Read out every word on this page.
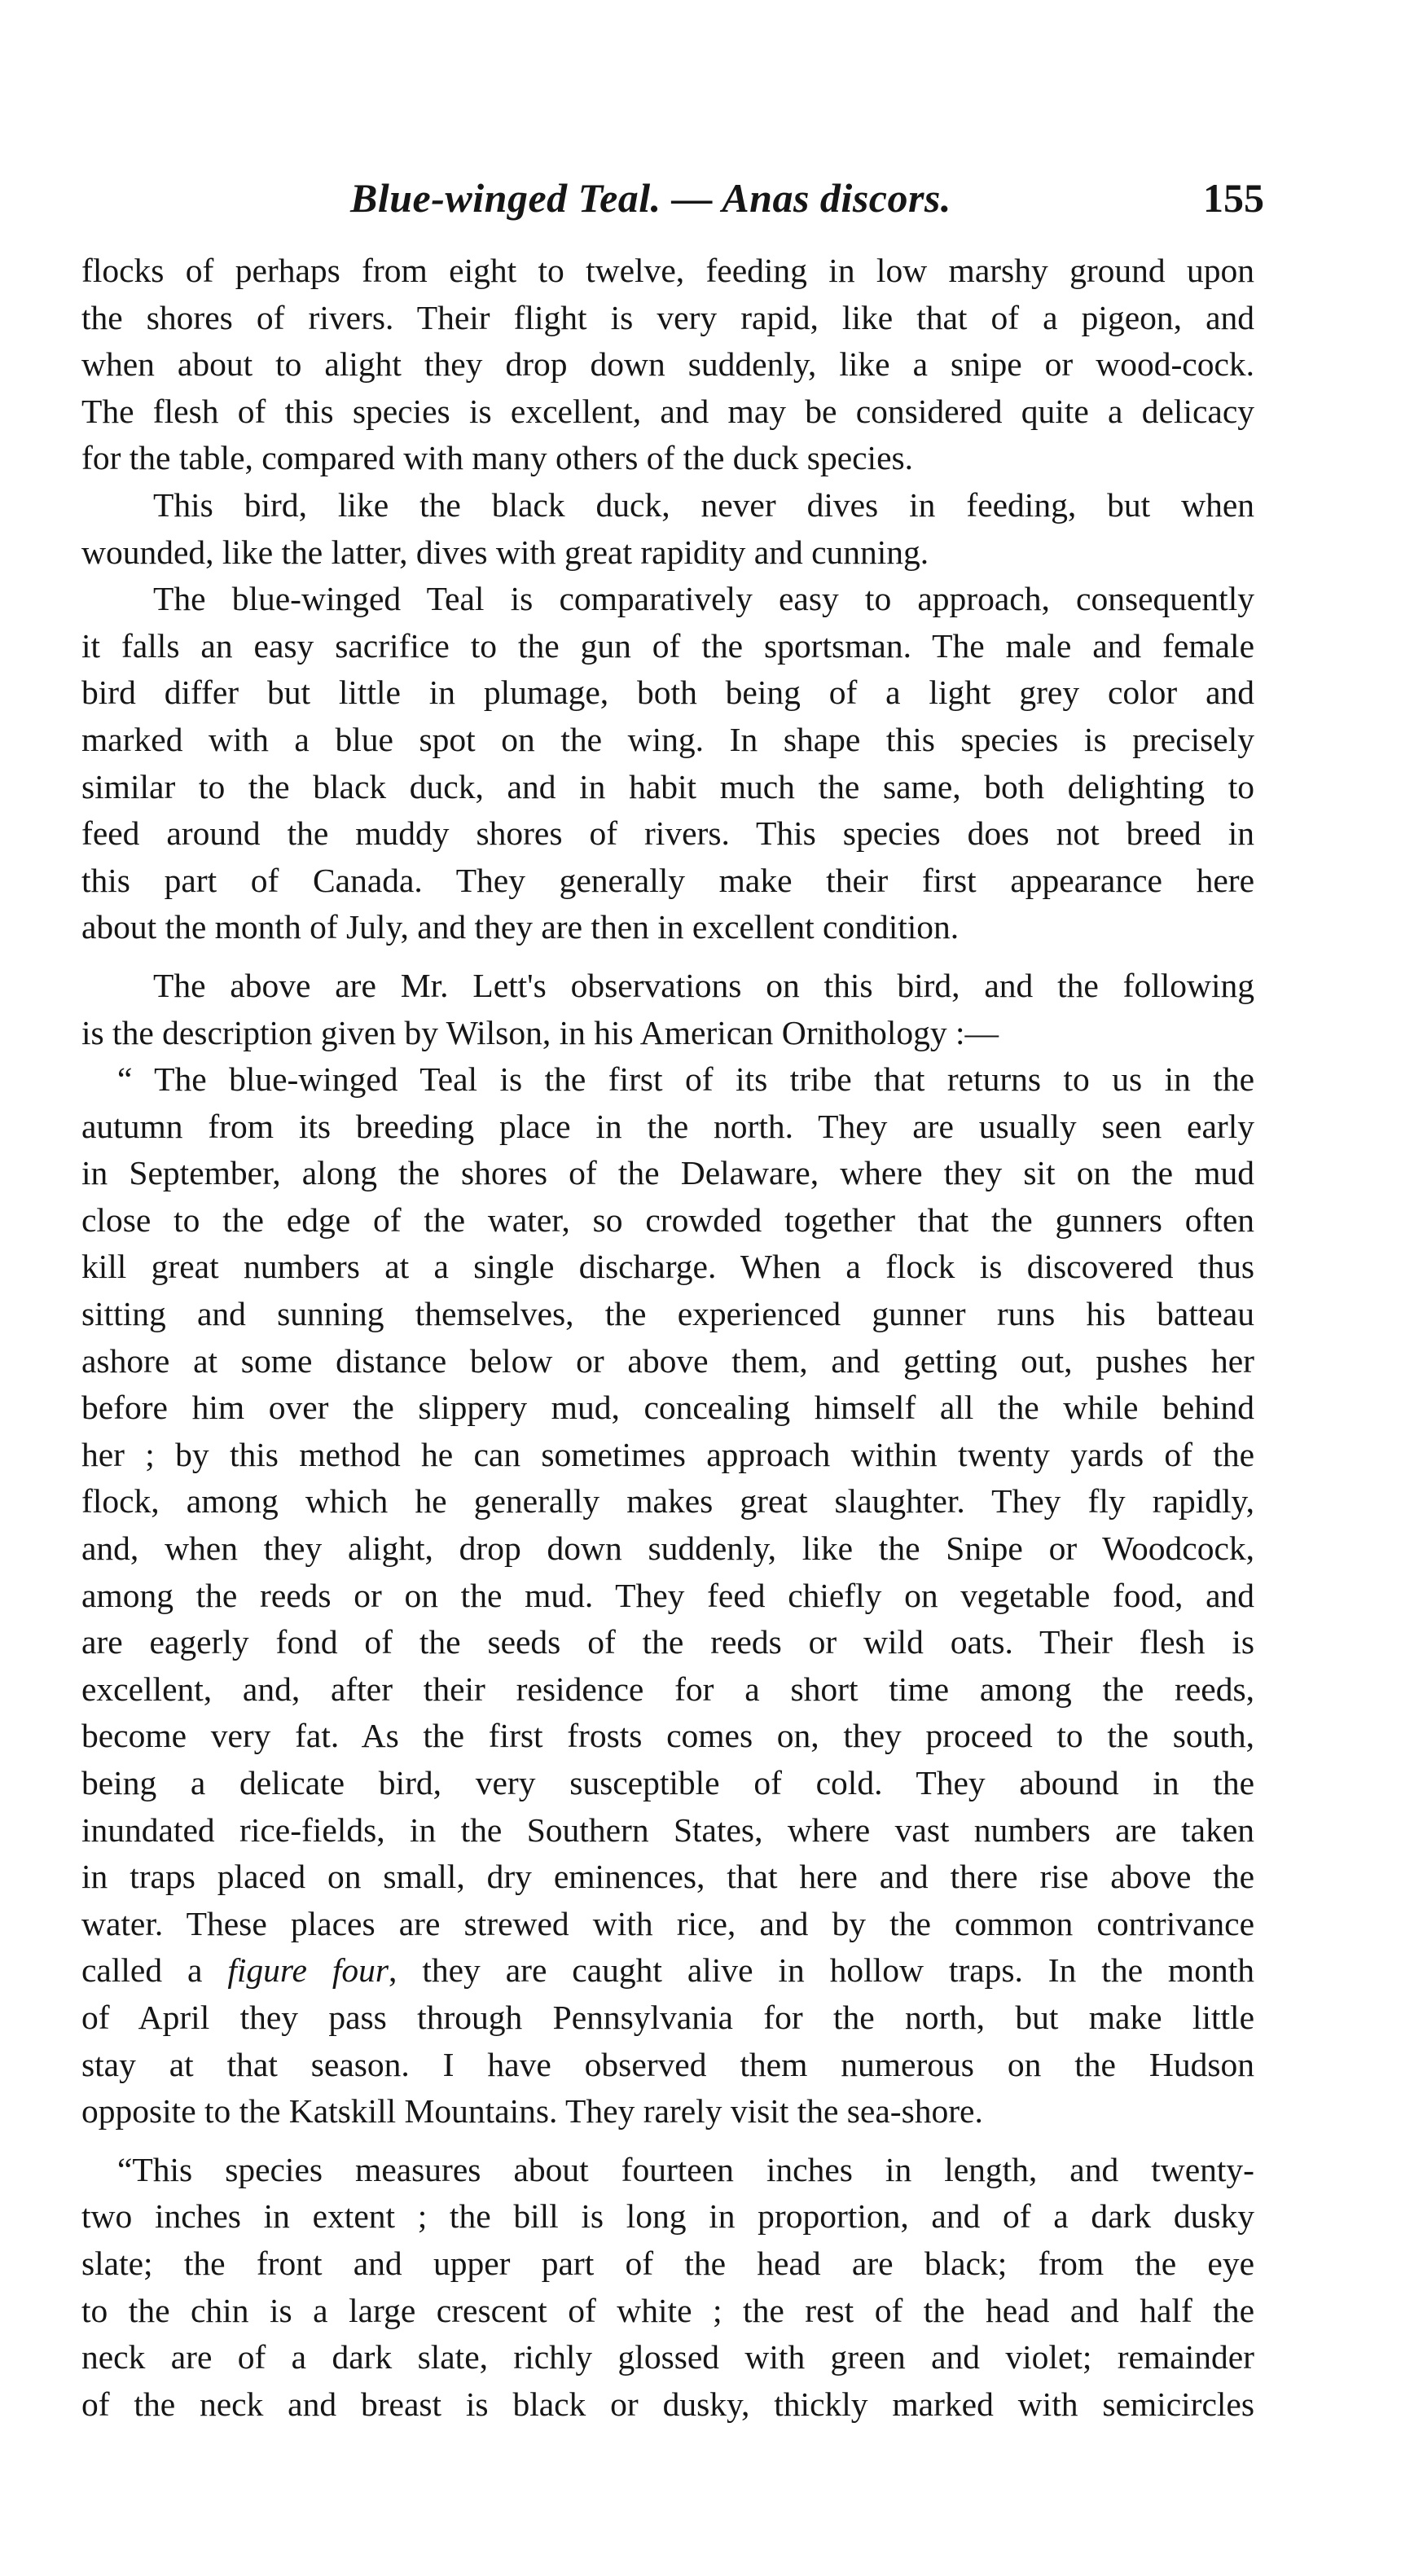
Blue-winged Teal. — Anas discors.	155

flocks of perhaps from eight to twelve, feeding in low marshy ground upon
the shores of rivers. Their flight is very rapid, like that of a pigeon, and
when about to alight they drop down suddenly, like a snipe or wood-cock.
The flesh of this species is excellent, and may be considered quite a delicacy
for the table, compared with many others of the duck species.

This bird, like the black duck, never dives in feeding, but when
wounded, like the latter, dives with great rapidity and cunning.

The blue-winged Teal is comparatively easy to approach, consequently
it falls an easy sacrifice to the gun of the sportsman. The male and female
bird differ but little in plumage, both being of a light grey color and
marked with a blue spot on the wing. In shape this species is precisely
similar to the black duck, and in habit much the same, both delighting to
feed around the muddy shores of rivers. This species does not breed in
this part of Canada. They generally make their first appearance here
about the month of July, and they are then in excellent condition.

The above are Mr. Lett's observations on this bird, and the following
is the description given by Wilson, in his American Ornithology :—

“ The blue-winged Teal is the first of its tribe that returns to us in the
autumn from its breeding place in the north. They are usually seen early
in September, along the shores of the Delaware, where they sit on the mud
close to the edge of the water, so crowded together that the gunners often
kill great numbers at a single discharge. When a flock is discovered thus
sitting and sunning themselves, the experienced gunner runs his batteau
ashore at some distance below or above them, and getting out, pushes her
before him over the slippery mud, concealing himself all the while behind
her ; by this method he can sometimes approach within twenty yards of the
flock, among which he generally makes great slaughter. They fly rapidly,
and, when they alight, drop down suddenly, like the Snipe or Woodcock,
among the reeds or on the mud. They feed chiefly on vegetable food, and
are eagerly fond of the seeds of the reeds or wild oats. Their flesh is
excellent, and, after their residence for a short time among the reeds,
become very fat. As the first frosts comes on, they proceed to the south,
being a delicate bird, very susceptible of cold. They abound in the
inundated rice-fields, in the Southern States, where vast numbers are taken
in traps placed on small, dry eminences, that here and there rise above the
water. These places are strewed with rice, and by the common contrivance
called a figure four, they are caught alive in hollow traps. In the month
of April they pass through Pennsylvania for the north, but make little
stay at that season. I have observed them numerous on the Hudson
opposite to the Katskill Mountains. They rarely visit the sea-shore.

“This species measures about fourteen inches in length, and twenty-
two inches in extent ; the bill is long in proportion, and of a dark dusky
slate; the front and upper part of the head are black; from the eye
to the chin is a large crescent of white ; the rest of the head and half the
neck are of a dark slate, richly glossed with green and violet; remainder
of the neck and breast is black or dusky, thickly marked with semicircles
